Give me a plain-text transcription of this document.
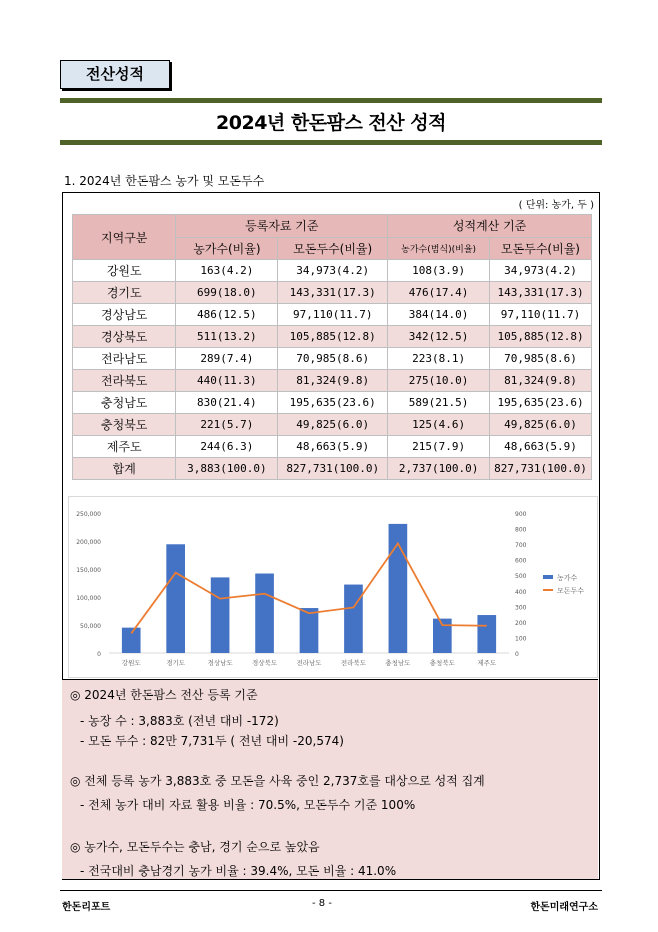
전산성적
2024년 한돈팜스 전산 성적
1. 2024년 한돈팜스 농가 및 모돈두수
( 단위: 농가, 두 )
지역구분	등록자료 기준		성적계산 기준	
	농가수(비율)	모돈두수(비율)	농가수(범식)(비율)	모돈두수(비율)
강원도	163(4.2)	34,973(4.2)	108(3.9)	34,973(4.2)
경기도	699(18.0)	143,331(17.3)	476(17.4)	143,331(17.3)
경상남도	486(12.5)	97,110(11.7)	384(14.0)	97,110(11.7)
경상북도	511(13.2)	105,885(12.8)	342(12.5)	105,885(12.8)
전라남도	289(7.4)	70,985(8.6)	223(8.1)	70,985(8.6)
전라북도	440(11.3)	81,324(9.8)	275(10.0)	81,324(9.8)
충청남도	830(21.4)	195,635(23.6)	589(21.5)	195,635(23.6)
충청북도	221(5.7)	49,825(6.0)	125(4.6)	49,825(6.0)
제주도	244(6.3)	48,663(5.9)	215(7.9)	48,663(5.9)
합계	3,883(100.0)	827,731(100.0)	2,737(100.0)	827,731(100.0)
0
50,000
100,000
150,000
200,000
250,000
0
100
200
300
400
500
600
700
800
900
강원도	경기도	경상남도	경상북도	전라남도	전라북도	충청남도	충청북도	제주도
농가수
모돈두수

◎ 2024년 한돈팜스 전산 등록 기준

- 농장 수 : 3,883호 (전년 대비 -172)

- 모돈 두수 : 82만 7,731두 ( 전년 대비 -20,574)

◎ 전체 등록 농가 3,883호 중 모돈을 사육 중인 2,737호를 대상으로 성적 집계

- 전체 농가 대비 자료 활용 비율 : 70.5%, 모돈두수 기준 100%

◎ 농가수, 모돈두수는 충남, 경기 순으로 높았음

- 전국대비 충남경기 농가 비율 : 39.4%, 모돈 비율 : 41.0%

한돈리포트	- 8 -	한돈미래연구소
